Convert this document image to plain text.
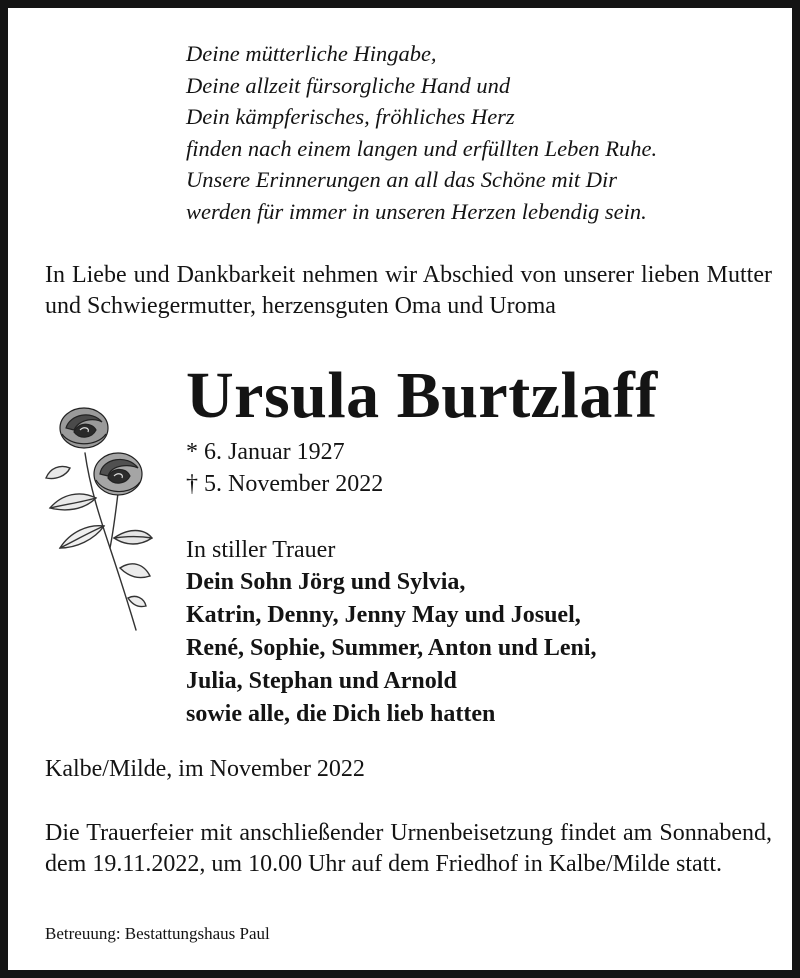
Deine mütterliche Hingabe,
Deine allzeit fürsorgliche Hand und
Dein kämpferisches, fröhliches Herz
finden nach einem langen und erfüllten Leben Ruhe.
Unsere Erinnerungen an all das Schöne mit Dir
werden für immer in unseren Herzen lebendig sein.
In Liebe und Dankbarkeit nehmen wir Abschied von unserer lieben Mutter und Schwiegermutter, herzensguten Oma und Uroma
Ursula Burtzlaff
* 6. Januar 1927
† 5. November 2022
In stiller Trauer
Dein Sohn Jörg und Sylvia,
Katrin, Denny, Jenny May und Josuel,
René, Sophie, Summer, Anton und Leni,
Julia, Stephan und Arnold
sowie alle, die Dich lieb hatten
Kalbe/Milde, im November 2022
Die Trauerfeier mit anschließender Urnenbeisetzung findet am Sonnabend, dem 19.11.2022, um 10.00 Uhr auf dem Friedhof in Kalbe/Milde statt.
Betreuung: Bestattungshaus Paul
